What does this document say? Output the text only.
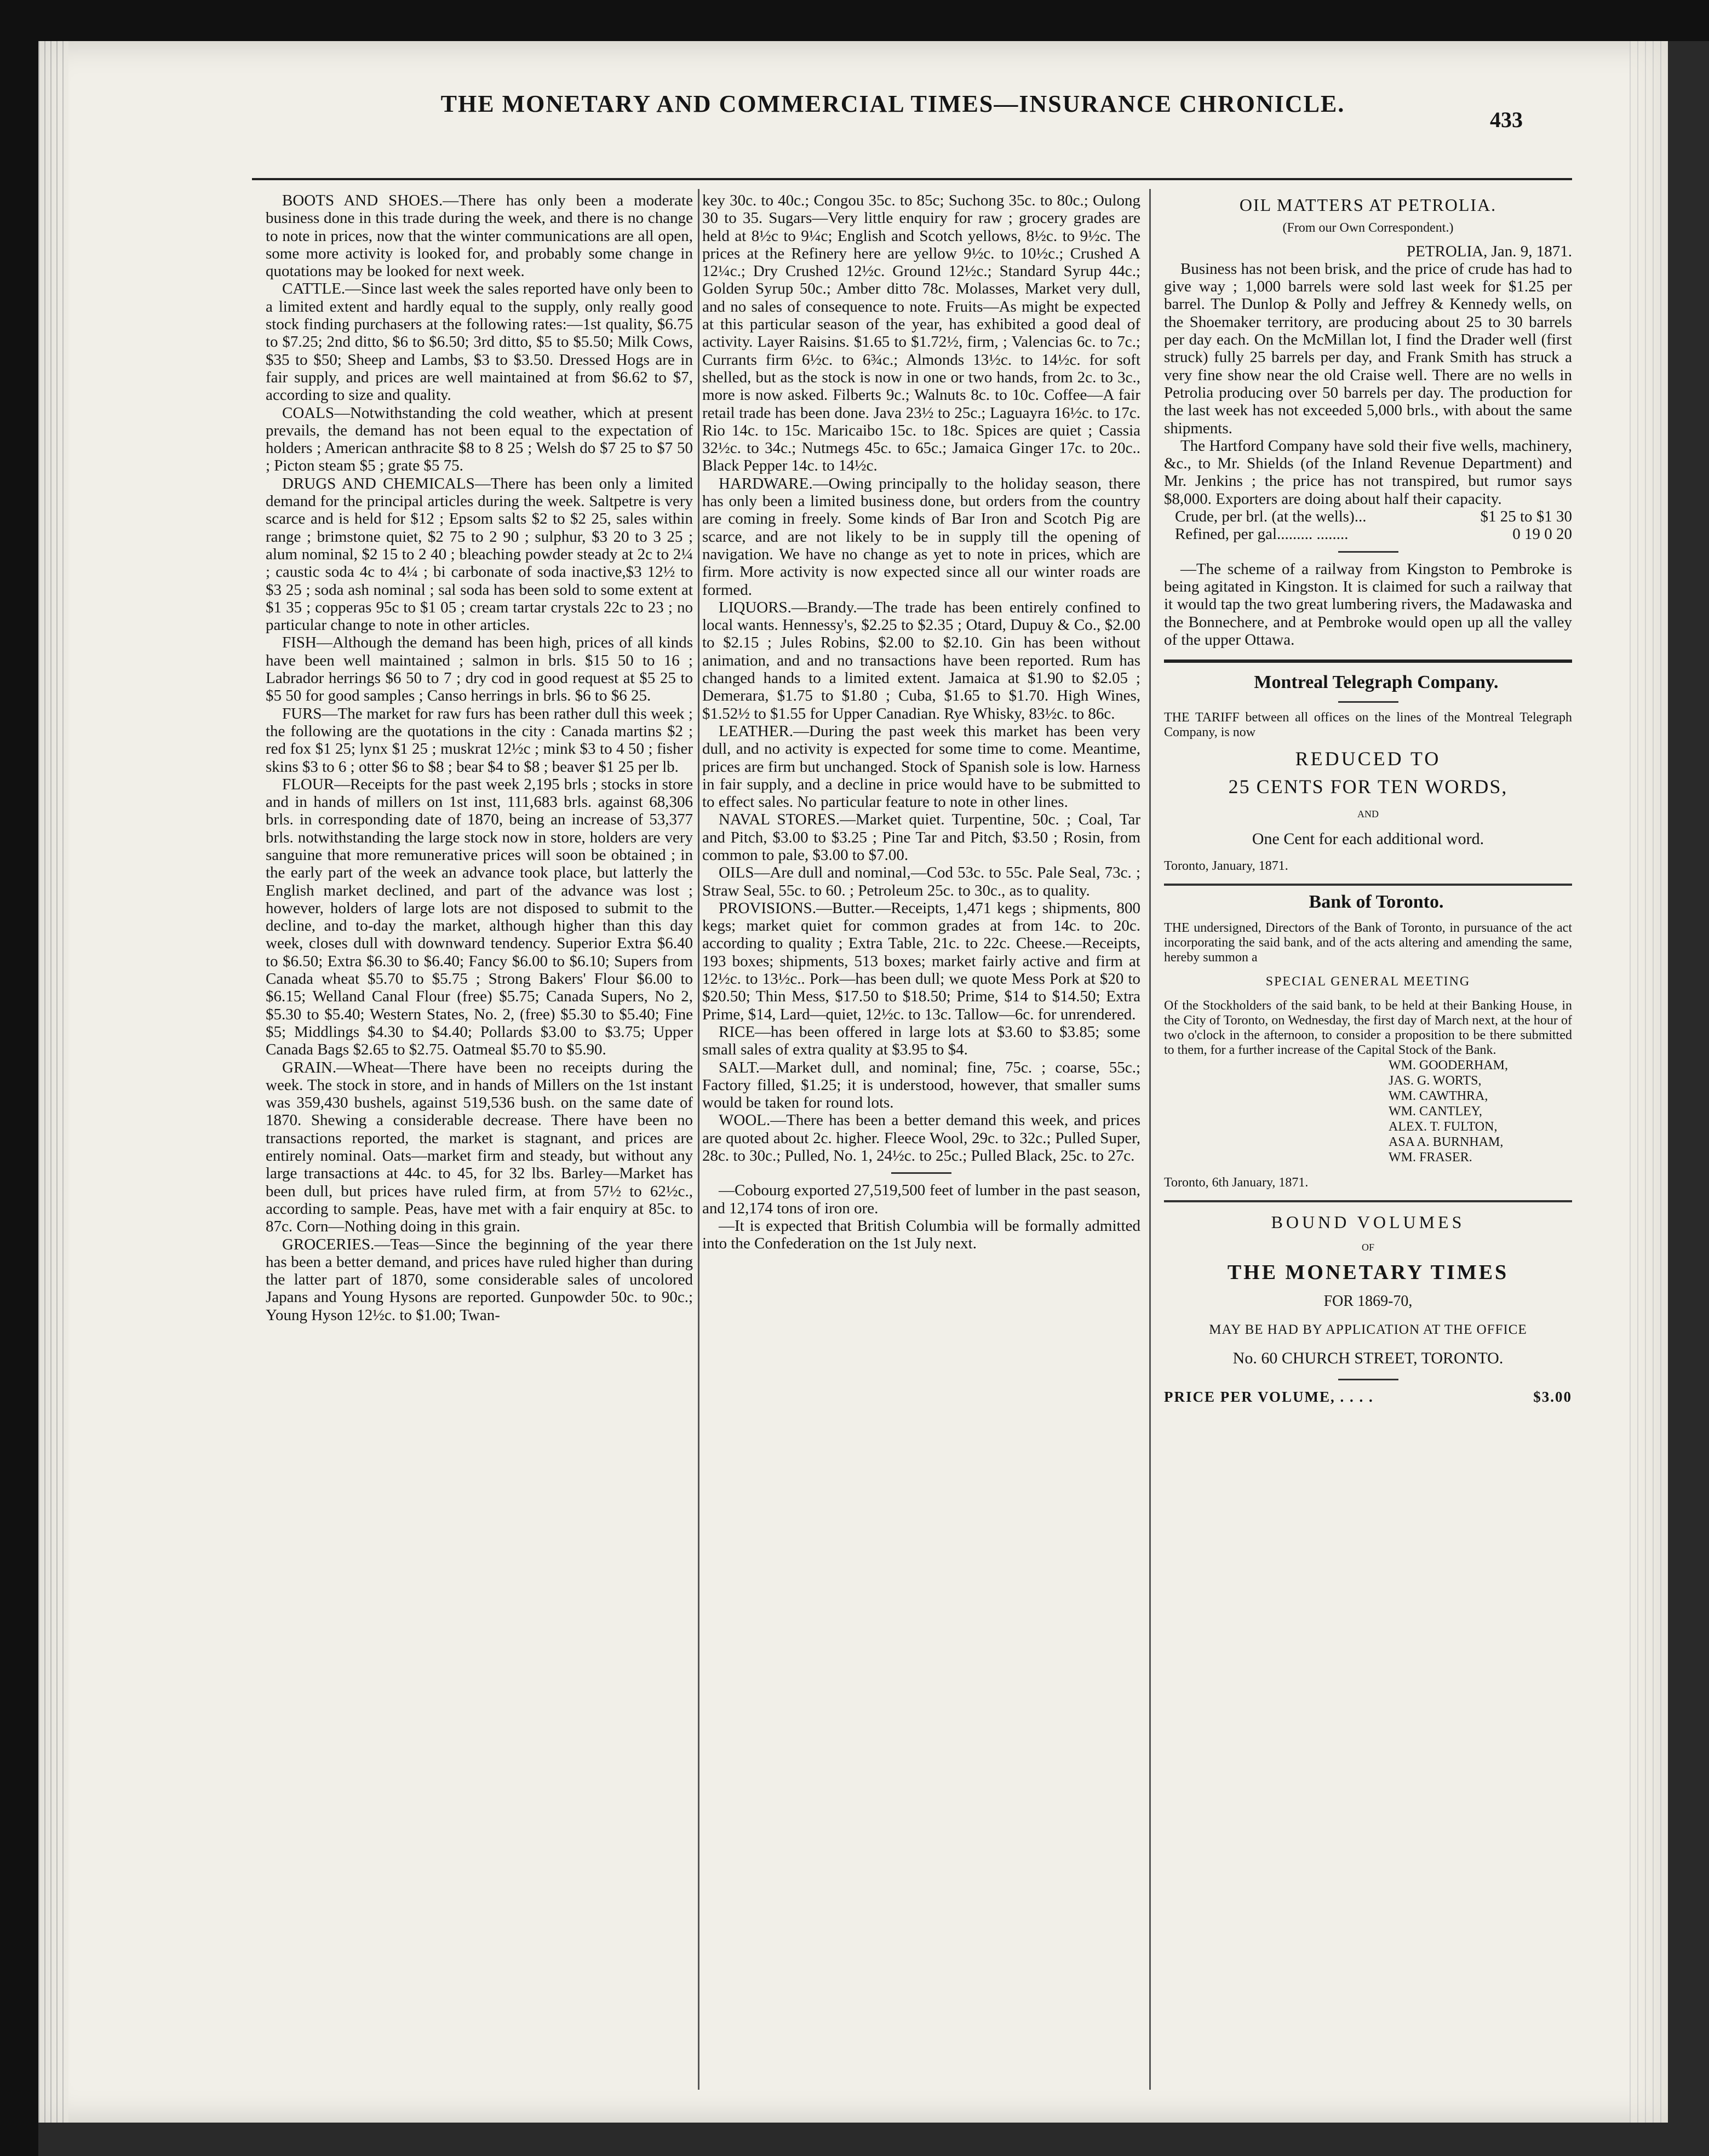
THE MONETARY AND COMMERCIAL TIMES—INSURANCE CHRONICLE.
433

BOOTS AND SHOES.—There has only been a moderate business done in this trade during the week, and there is no change to note in prices, now that the winter communications are all open, some more activity is looked for, and probably some change in quotations may be looked for next week.

CATTLE.—Since last week the sales reported have only been to a limited extent and hardly equal to the supply, only really good stock finding purchasers at the following rates:—1st quality, $6.75 to $7.25; 2nd ditto, $6 to $6.50; 3rd ditto, $5 to $5.50; Milk Cows, $35 to $50; Sheep and Lambs, $3 to $3.50. Dressed Hogs are in fair supply, and prices are well maintained at from $6.62 to $7, according to size and quality.

COALS—Notwithstanding the cold weather, which at present prevails, the demand has not been equal to the expectation of holders ; American anthracite $8 to 8 25 ; Welsh do $7 25 to $7 50 ; Picton steam $5 ; grate $5 75.

DRUGS AND CHEMICALS—There has been only a limited demand for the principal articles during the week. Saltpetre is very scarce and is held for $12 ; Epsom salts $2 to $2 25, sales within range ; brimstone quiet, $2 75 to 2 90 ; sulphur, $3 20 to 3 25 ; alum nominal, $2 15 to 2 40 ; bleaching powder steady at 2c to 2¼ ; caustic soda 4c to 4¼ ; bi carbonate of soda inactive,$3 12½ to $3 25 ; soda ash nominal ; sal soda has been sold to some extent at $1 35 ; copperas 95c to $1 05 ; cream tartar crystals 22c to 23 ; no particular change to note in other articles.

FISH—Although the demand has been high, prices of all kinds have been well maintained ; salmon in brls. $15 50 to 16 ; Labrador herrings $6 50 to 7 ; dry cod in good request at $5 25 to $5 50 for good samples ; Canso herrings in brls. $6 to $6 25.

FURS—The market for raw furs has been rather dull this week ; the following are the quotations in the city : Canada martins $2 ; red fox $1 25; lynx $1 25 ; muskrat 12½c ; mink $3 to 4 50 ; fisher skins $3 to 6 ; otter $6 to $8 ; bear $4 to $8 ; beaver $1 25 per lb.

FLOUR—Receipts for the past week 2,195 brls ; stocks in store and in hands of millers on 1st inst, 111,683 brls. against 68,306 brls. in corresponding date of 1870, being an increase of 53,377 brls. notwithstanding the large stock now in store, holders are very sanguine that more remunerative prices will soon be obtained ; in the early part of the week an advance took place, but latterly the English market declined, and part of the advance was lost ; however, holders of large lots are not disposed to submit to the decline, and to-day the market, although higher than this day week, closes dull with downward tendency. Superior Extra $6.40 to $6.50; Extra $6.30 to $6.40; Fancy $6.00 to $6.10; Supers from Canada wheat $5.70 to $5.75 ; Strong Bakers' Flour $6.00 to $6.15; Welland Canal Flour (free) $5.75; Canada Supers, No 2, $5.30 to $5.40; Western States, No. 2, (free) $5.30 to $5.40; Fine $5; Middlings $4.30 to $4.40; Pollards $3.00 to $3.75; Upper Canada Bags $2.65 to $2.75. Oatmeal $5.70 to $5.90.

GRAIN.—Wheat—There have been no receipts during the week. The stock in store, and in hands of Millers on the 1st instant was 359,430 bushels, against 519,536 bush. on the same date of 1870. Shewing a considerable decrease. There have been no transactions reported, the market is stagnant, and prices are entirely nominal. Oats—market firm and steady, but without any large transactions at 44c. to 45, for 32 lbs. Barley—Market has been dull, but prices have ruled firm, at from 57½ to 62½c., according to sample. Peas, have met with a fair enquiry at 85c. to 87c. Corn—Nothing doing in this grain.

GROCERIES.—Teas—Since the beginning of the year there has been a better demand, and prices have ruled higher than during the latter part of 1870, some considerable sales of uncolored Japans and Young Hysons are reported. Gunpowder 50c. to 90c.; Young Hyson 12½c. to $1.00; Twan-

key 30c. to 40c.; Congou 35c. to 85c; Suchong 35c. to 80c.; Oulong 30 to 35. Sugars—Very little enquiry for raw ; grocery grades are held at 8½c to 9¼c; English and Scotch yellows, 8½c. to 9½c. The prices at the Refinery here are yellow 9½c. to 10½c.; Crushed A 12¼c.; Dry Crushed 12½c. Ground 12½c.; Standard Syrup 44c.; Golden Syrup 50c.; Amber ditto 78c. Molasses, Market very dull, and no sales of consequence to note. Fruits—As might be expected at this particular season of the year, has exhibited a good deal of activity. Layer Raisins. $1.65 to $1.72½, firm, ; Valencias 6c. to 7c.; Currants firm 6½c. to 6¾c.; Almonds 13½c. to 14½c. for soft shelled, but as the stock is now in one or two hands, from 2c. to 3c., more is now asked. Filberts 9c.; Walnuts 8c. to 10c. Coffee—A fair retail trade has been done. Java 23½ to 25c.; Laguayra 16½c. to 17c. Rio 14c. to 15c. Maricaibo 15c. to 18c. Spices are quiet ; Cassia 32½c. to 34c.; Nutmegs 45c. to 65c.; Jamaica Ginger 17c. to 20c.. Black Pepper 14c. to 14½c.

HARDWARE.—Owing principally to the holiday season, there has only been a limited business done, but orders from the country are coming in freely. Some kinds of Bar Iron and Scotch Pig are scarce, and are not likely to be in supply till the opening of navigation. We have no change as yet to note in prices, which are firm. More activity is now expected since all our winter roads are formed.

LIQUORS.—Brandy.—The trade has been entirely confined to local wants. Hennessy's, $2.25 to $2.35 ; Otard, Dupuy & Co., $2.00 to $2.15 ; Jules Robins, $2.00 to $2.10. Gin has been without animation, and and no transactions have been reported. Rum has changed hands to a limited extent. Jamaica at $1.90 to $2.05 ; Demerara, $1.75 to $1.80 ; Cuba, $1.65 to $1.70. High Wines, $1.52½ to $1.55 for Upper Canadian. Rye Whisky, 83½c. to 86c.

LEATHER.—During the past week this market has been very dull, and no activity is expected for some time to come. Meantime, prices are firm but unchanged. Stock of Spanish sole is low. Harness in fair supply, and a decline in price would have to be submitted to to effect sales. No particular feature to note in other lines.

NAVAL STORES.—Market quiet. Turpentine, 50c. ; Coal, Tar and Pitch, $3.00 to $3.25 ; Pine Tar and Pitch, $3.50 ; Rosin, from common to pale, $3.00 to $7.00.

OILS—Are dull and nominal,—Cod 53c. to 55c. Pale Seal, 73c. ; Straw Seal, 55c. to 60. ; Petroleum 25c. to 30c., as to quality.

PROVISIONS.—Butter.—Receipts, 1,471 kegs ; shipments, 800 kegs; market quiet for common grades at from 14c. to 20c. according to quality ; Extra Table, 21c. to 22c. Cheese.—Receipts, 193 boxes; shipments, 513 boxes; market fairly active and firm at 12½c. to 13½c.. Pork—has been dull; we quote Mess Pork at $20 to $20.50; Thin Mess, $17.50 to $18.50; Prime, $14 to $14.50; Extra Prime, $14, Lard—quiet, 12½c. to 13c. Tallow—6c. for unrendered.

RICE—has been offered in large lots at $3.60 to $3.85; some small sales of extra quality at $3.95 to $4.

SALT.—Market dull, and nominal; fine, 75c. ; coarse, 55c.; Factory filled, $1.25; it is understood, however, that smaller sums would be taken for round lots.

WOOL.—There has been a better demand this week, and prices are quoted about 2c. higher. Fleece Wool, 29c. to 32c.; Pulled Super, 28c. to 30c.; Pulled, No. 1, 24½c. to 25c.; Pulled Black, 25c. to 27c.

—Cobourg exported 27,519,500 feet of lumber in the past season, and 12,174 tons of iron ore.

—It is expected that British Columbia will be formally admitted into the Confederation on the 1st July next.

OIL MATTERS AT PETROLIA.

(From our Own Correspondent.)

PETROLIA, Jan. 9, 1871.

Business has not been brisk, and the price of crude has had to give way ; 1,000 barrels were sold last week for $1.25 per barrel. The Dunlop & Polly and Jeffrey & Kennedy wells, on the Shoemaker territory, are producing about 25 to 30 barrels per day each. On the McMillan lot, I find the Drader well (first struck) fully 25 barrels per day, and Frank Smith has struck a very fine show near the old Craise well. There are no wells in Petrolia producing over 50 barrels per day. The production for the last week has not exceeded 5,000 brls., with about the same shipments.

The Hartford Company have sold their five wells, machinery, &c., to Mr. Shields (of the Inland Revenue Department) and Mr. Jenkins ; the price has not transpired, but rumor says $8,000. Exporters are doing about half their capacity.

Crude, per brl. (at the wells)...	$1 25 to $1 30

Refined, per gal......... ........	0 19 0 20

—The scheme of a railway from Kingston to Pembroke is being agitated in Kingston. It is claimed for such a railway that it would tap the two great lumbering rivers, the Madawaska and the Bonnechere, and at Pembroke would open up all the valley of the upper Ottawa.

Montreal Telegraph Company.

THE TARIFF between all offices on the lines of the Montreal Telegraph Company, is now

REDUCED TO

25 CENTS FOR TEN WORDS,

AND

One Cent for each additional word.

Toronto, January, 1871.

Bank of Toronto.

THE undersigned, Directors of the Bank of Toronto, in pursuance of the act incorporating the said bank, and of the acts altering and amending the same, hereby summon a

SPECIAL GENERAL MEETING

Of the Stockholders of the said bank, to be held at their Banking House, in the City of Toronto, on Wednesday, the first day of March next, at the hour of two o'clock in the afternoon, to consider a proposition to be there submitted to them, for a further increase of the Capital Stock of the Bank.

WM. GOODERHAM,

JAS. G. WORTS,

WM. CAWTHRA,

WM. CANTLEY,

ALEX. T. FULTON,

ASA A. BURNHAM,

WM. FRASER.

Toronto, 6th January, 1871.

BOUND VOLUMES

OF

THE MONETARY TIMES

FOR 1869-70,

MAY BE HAD BY APPLICATION AT THE OFFICE

No. 60 CHURCH STREET, TORONTO.

PRICE PER VOLUME, . . . .	$3.00
